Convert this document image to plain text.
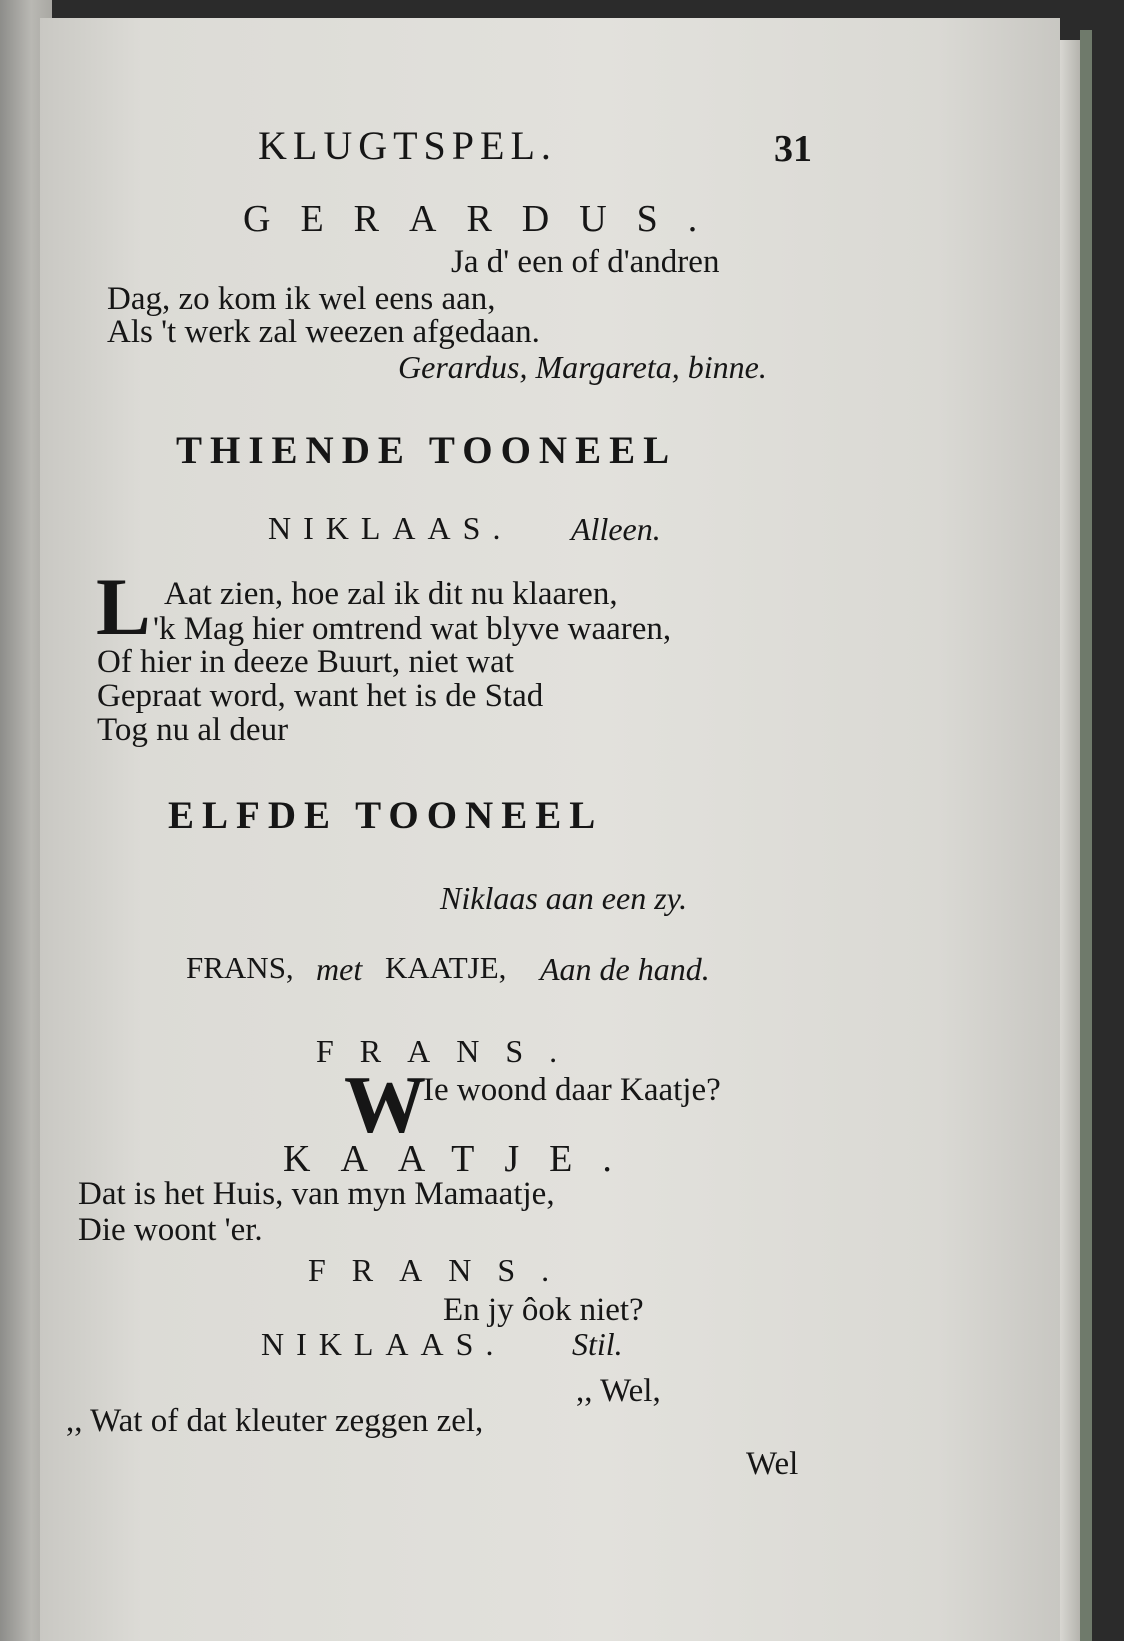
KLUGTSPEL.	31
GERARDUS.
Ja d' een of d'andren
Dag, zo kom ik wel eens aan,
Als 't werk zal weezen afgedaan.
Gerardus, Margareta, binne.
THIENDE TOONEEL
NIKLAAS. Alleen.
L Aat zien, hoe zal ik dit nu klaaren,
'k Mag hier omtrend wat blyve waaren,
Of hier in deeze Buurt, niet wat
Gepraat word, want het is de Stad
Tog nu al deur
ELFDE TOONEEL
Niklaas aan een zy.
FRANS, met KAATJE, Aan de hand.
FRANS.
W
Ie woond daar Kaatje?
KAATJE.
Dat is het Huis, van myn Mamaatje,
Die woont 'er.
FRANS.
En jy ôok niet?
NIKLAAS. Stil.
,, Wel,
,, Wat of dat kleuter zeggen zel,
Wel
